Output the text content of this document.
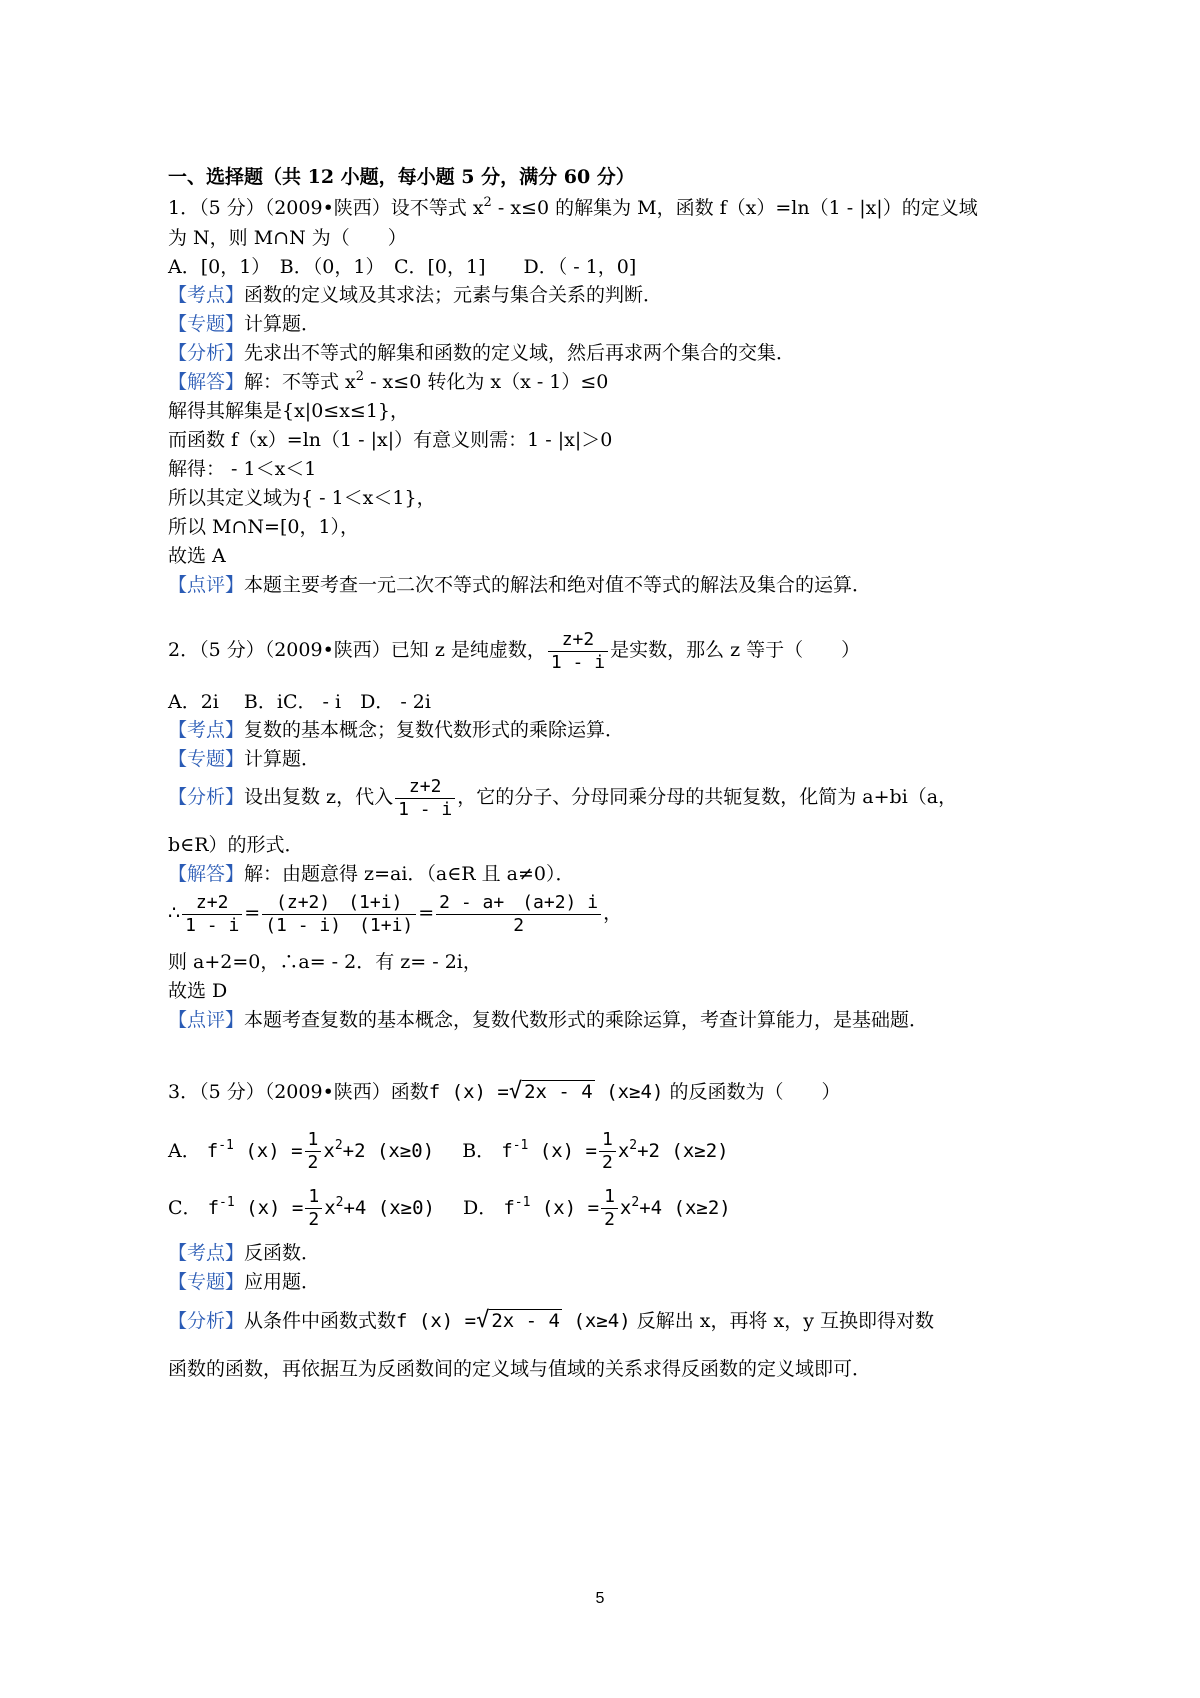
一、选择题（共 12 小题，每小题 5 分，满分 60 分）
1．（5 分）（2009•陕西）设不等式 $x^2 - x\le 0$ 的解集为 M，函数 f（x）=ln（1 - |x|）的定义域
为 N，则 M∩N 为（　　）
A．[0，1）　B．（0，1）　C．[0，1]　　D．（ - 1，0]
【考点】函数的定义域及其求法；元素与集合关系的判断．
【专题】计算题．
【分析】先求出不等式的解集和函数的定义域，然后再求两个集合的交集．
【解答】解：不等式 $x^2 - x\le 0$ 转化为 x（x - 1）≤0
解得其解集是{x|0≤x≤1}，
而函数 f（x）=ln（1 - |x|）有意义则需：1 - |x|＞0
解得： - 1＜x＜1
所以其定义域为{ - 1＜x＜1}，
所以 M∩N=[0，1），
故选 A
【点评】本题主要考查一元二次不等式的解法和绝对值不等式的解法及集合的运算．
2．（5 分）（2009•陕西）已知 z 是纯虚数， $\frac{z+2}{1 - i}$ 是实数，那么 z 等于（　　）
A．2i　 B．iC． - i　D． - 2i
【考点】复数的基本概念；复数代数形式的乘除运算．
【专题】计算题．
【分析】设出复数 z，代入 $\frac{z+2}{1 - i}$ ，它的分子、分母同乘分母的共轭复数，化简为 a+bi（a，
b∈R）的形式．
【解答】解：由题意得 z=ai．（a∈R 且 a≠0）．
∴ $\frac{z+2}{1 - i} = \frac{(z+2) (1+i)}{(1 - i) (1+i)} = \frac{2 - a+ (a+2) i}{2}$ ，
则 a+2=0，∴a= - 2．有 z= - 2i，
故选 D
【点评】本题考查复数的基本概念，复数代数形式的乘除运算，考查计算能力，是基础题．
3．（5 分）（2009•陕西）函数f (x) =√ 2x - 4 (x≥4) 的反函数为（　　）
A． $f^{-1}$ $(x) = \frac{1}{2} x^2+2$ (x≥0) B． $f^{-1}$ $(x) = \frac{1}{2} x^2+2$ (x≥2)
C． $f^{-1}$ $(x) = \frac{1}{2} x^2+4$ (x≥0) D． $f^{-1}$ $(x) = \frac{1}{2} x^2+4$ (x≥2)
【考点】反函数．
【专题】应用题．
【分析】从条件中函数式数f (x) =√ 2x - 4 (x≥4) 反解出 x，再将 x，y 互换即得对数
函数的函数，再依据互为反函数间的定义域与值域的关系求得反函数的定义域即可．
5
